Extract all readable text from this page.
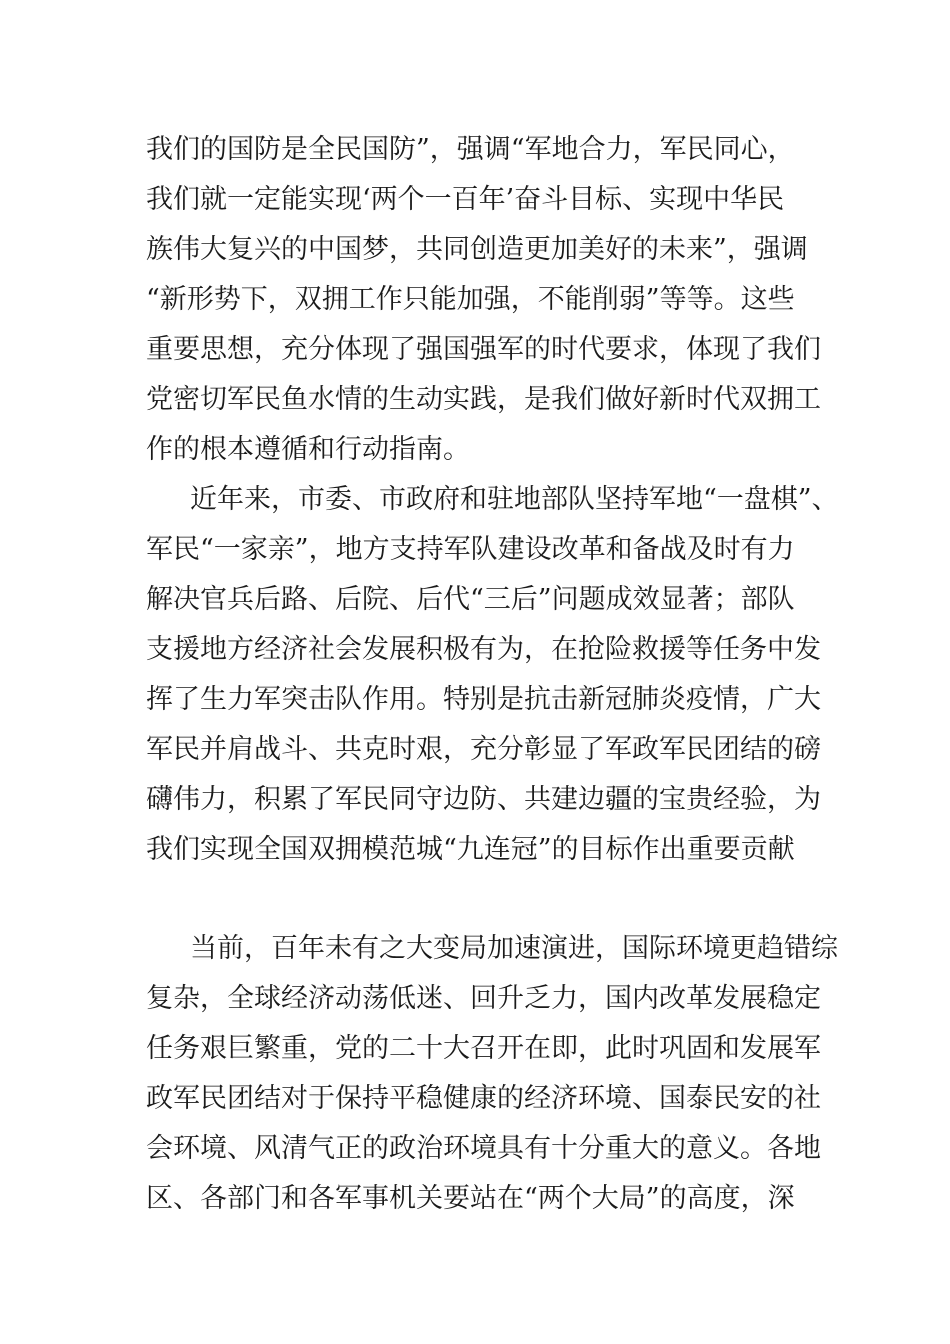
我们的国防是全民国防”，强调“军地合力，军民同心，
我们就一定能实现‘两个一百年’奋斗目标、实现中华民
族伟大复兴的中国梦，共同创造更加美好的未来”，强调
“新形势下，双拥工作只能加强，不能削弱”等等。这些
重要思想，充分体现了强国强军的时代要求，体现了我们
党密切军民鱼水情的生动实践，是我们做好新时代双拥工
作的根本遵循和行动指南。
近年来，市委、市政府和驻地部队坚持军地“一盘棋”、
军民“一家亲”，地方支持军队建设改革和备战及时有力
解决官兵后路、后院、后代“三后”问题成效显著；部队
支援地方经济社会发展积极有为，在抢险救援等任务中发
挥了生力军突击队作用。特别是抗击新冠肺炎疫情，广大
军民并肩战斗、共克时艰，充分彰显了军政军民团结的磅
礴伟力，积累了军民同守边防、共建边疆的宝贵经验，为
我们实现全国双拥模范城“九连冠”的目标作出重要贡献
当前，百年未有之大变局加速演进，国际环境更趋错综
复杂，全球经济动荡低迷、回升乏力，国内改革发展稳定
任务艰巨繁重，党的二十大召开在即，此时巩固和发展军
政军民团结对于保持平稳健康的经济环境、国泰民安的社
会环境、风清气正的政治环境具有十分重大的意义。各地
区、各部门和各军事机关要站在“两个大局”的高度，深
